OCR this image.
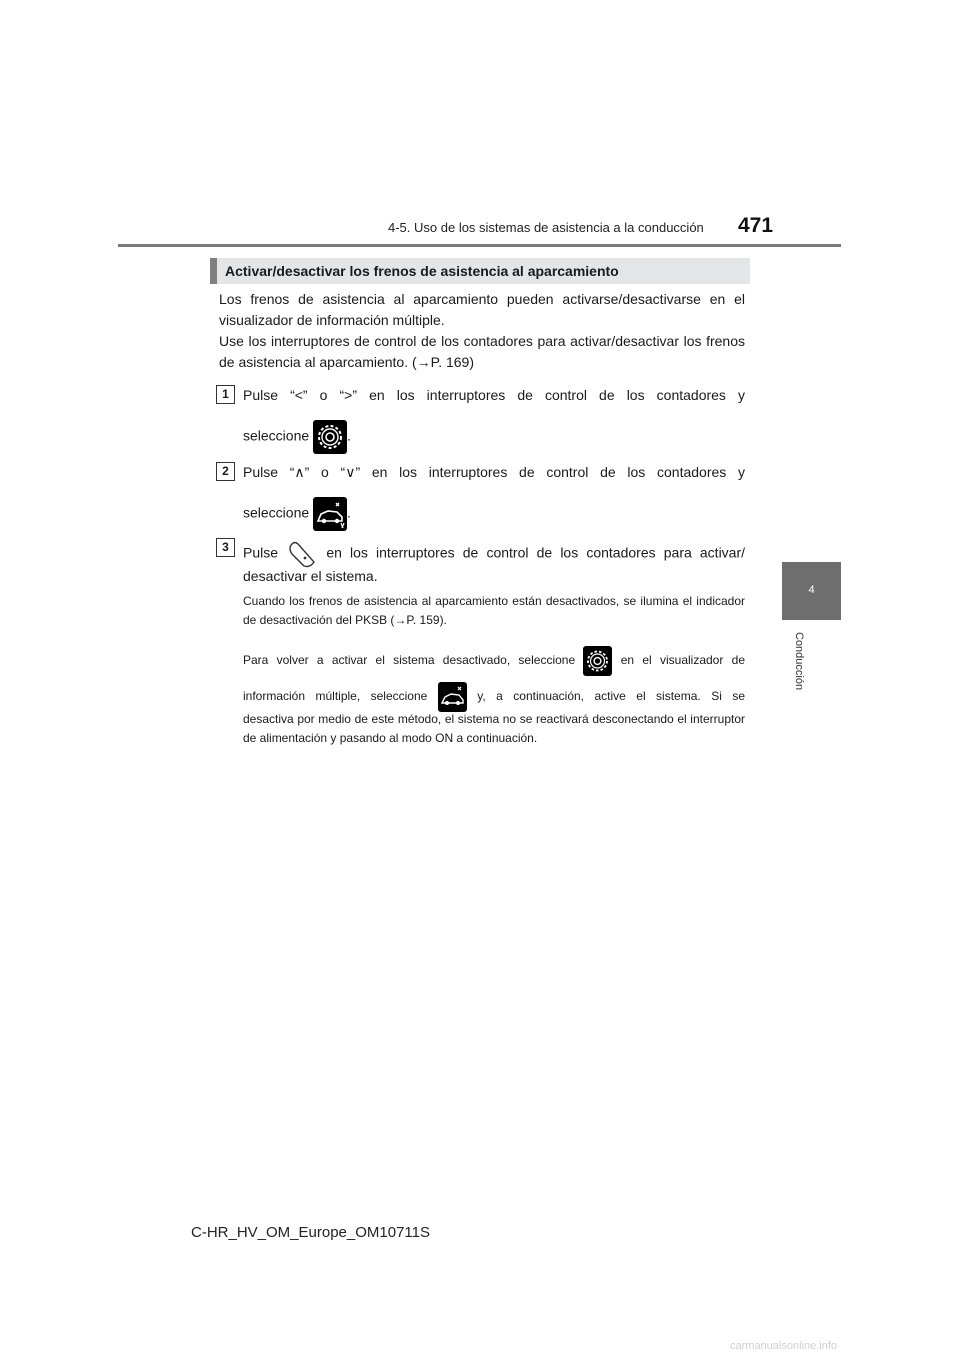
4-5. Uso de los sistemas de asistencia a la conducción 471
4
Conducción
Activar/desactivar los frenos de asistencia al aparcamiento

Los frenos de asistencia al aparcamiento pueden activarse/desactivarse en el visualizador de información múltiple.

Use los interruptores de control de los contadores para activar/desactivar los frenos de asistencia al aparcamiento. (→P. 169)

1	Pulse “<” o “>” en los interruptores de control de los contadores y

seleccione	.

2	Pulse “∧” o “∨” en los interruptores de control de los contadores y

seleccione	.

3	Pulse	en los interruptores de control de los contadores para activar/

desactivar el sistema.

Cuando los frenos de asistencia al aparcamiento están desactivados, se ilumina el indicador de desactivación del PKSB (→P. 159).

Para volver a activar el sistema desactivado, seleccione	en el visualizador de

información múltiple, seleccione	y, a continuación, active el sistema. Si se

desactiva por medio de este método, el sistema no se reactivará desconectando el interruptor de alimentación y pasando al modo ON a continuación.

C-HR_HV_OM_Europe_OM10711S
carmanualsonline.info
